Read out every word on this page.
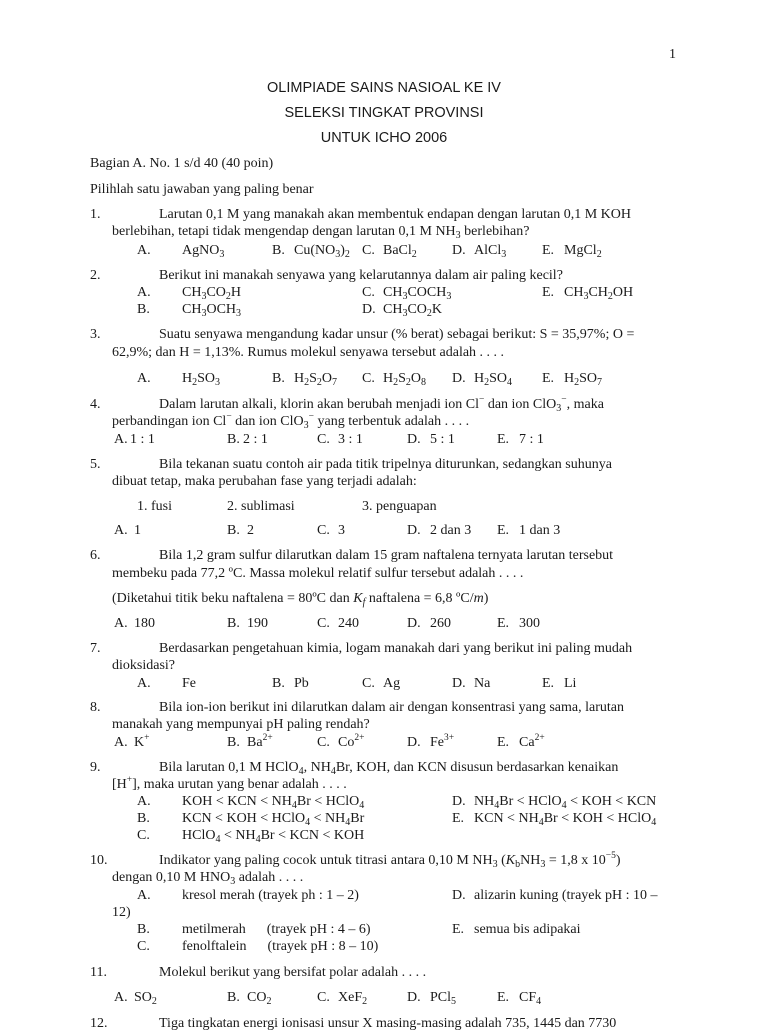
1
OLIMPIADE SAINS NASIOAL KE IV
SELEKSI TINGKAT PROVINSI
UNTUK ICHO 2006
Bagian A. No. 1 s/d 40 (40 poin)
Pilihlah satu jawaban yang paling benar
1.	Larutan 0,1 M yang manakah akan membentuk endapan dengan larutan 0,1 M KOH
berlebihan, tetapi tidak mengendap dengan larutan 0,1 M $NH_3$ berlebihan?
A. AgNO$_3$	B. $Cu(NO_3)_2$ C. BaCl$_2$	D. AlCl$_3$	E. MgCl$_2$
2.	Berikut ini manakah senyawa yang kelarutannya dalam air paling kecil?
A. $CH_3CO_2H$	C. $CH_3COCH_3$	E. $CH_3CH_2OH$
B. $CH_3OCH_3$	D. $CH_3CO_2K$
3.	Suatu senyawa mengandung kadar unsur (% berat) sebagai berikut: S = 35,97%; O =
62,9%; dan H = 1,13%. Rumus molekul senyawa tersebut adalah . . . .
A. $H_2SO_3$	B. $H_2S_2O_7$ C. $H_2S_2O_8$ D. $H_2SO_4$ E. $H_2SO_7$
4.	Dalam larutan alkali, klorin akan berubah menjadi ion Cl− dan ion ClO$_3$−, maka
perbandingan ion Cl− dan ion ClO$_3$− yang terbentuk adalah . . . .
A. 1 : 1	B. 2 : 1	C. 3 : 1	D. 5 : 1	E. 7 : 1
5.	Bila tekanan suatu contoh air pada titik tripelnya diturunkan, sedangkan suhunya
dibuat tetap, maka perubahan fase yang terjadi adalah:
1. fusi	2. sublimasi	3. penguapan
A. 1	B. 2	C. 3	D. 2 dan 3 E. 1 dan 3
6.	Bila 1,2 gram sulfur dilarutkan dalam 15 gram naftalena ternyata larutan tersebut
membeku pada 77,2 ºC. Massa molekul relatif sulfur tersebut adalah . . . .
(Diketahui titik beku naftalena = 80ºC dan $K_f$ naftalena = 6,8 ºC/m)
A. 180	B. 190	C. 240	D. 260	E. 300
7.	Berdasarkan pengetahuan kimia, logam manakah dari yang berikut ini paling mudah
dioksidasi?
A. Fe	B. Pb	C. Ag	D. Na	E. Li
8.	Bila ion-ion berikut ini dilarutkan dalam air dengan konsentrasi yang sama, larutan
manakah yang mempunyai pH paling rendah?
A. K+	B. $Ba^{2+}$	C. $Co^{2+}$	D. $Fe^{3+}$	E. $Ca^{2+}$
9.	Bila larutan 0,1 M HClO$_4$, $NH_4Br$, KOH, dan KCN disusun berdasarkan kenaikan
[H+], maka urutan yang benar adalah . . . .
A. KOH < KCN < $NH_4Br$ < HClO$_4$	D. $NH_4Br$ < HClO$_4$ < KOH < KCN
B. KCN < KOH < HClO$_4$ < $NH_4Br$	E. KCN < $NH_4Br$ < KOH < HClO$_4$
C. HClO$_4$ < $NH_4Br$ < KCN < KOH
10.	Indikator yang paling cocok untuk titrasi antara 0,10 M $NH_3$ ($K_bNH_3 = 1,8$ x $10^{-5}$)
dengan 0,10 M $HNO_3$ adalah . . . .
A. kresol merah (trayek ph : 1 – 2)	D. alizarin kuning (trayek pH : 10 –
12)
B. metilmerah      (trayek pH : 4 – 6)	E. semua bis adipakai
C. fenolftalein      (trayek pH : 8 – 10)
11.	Molekul berikut yang bersifat polar adalah . . . .
A. $SO_2$	B. $CO_2$	C. XeF$_2$	D. PCl$_5$	E. $CF_4$
12.	Tiga tingkatan energi ionisasi unsur X masing-masing adalah 735, 1445 dan 7730
